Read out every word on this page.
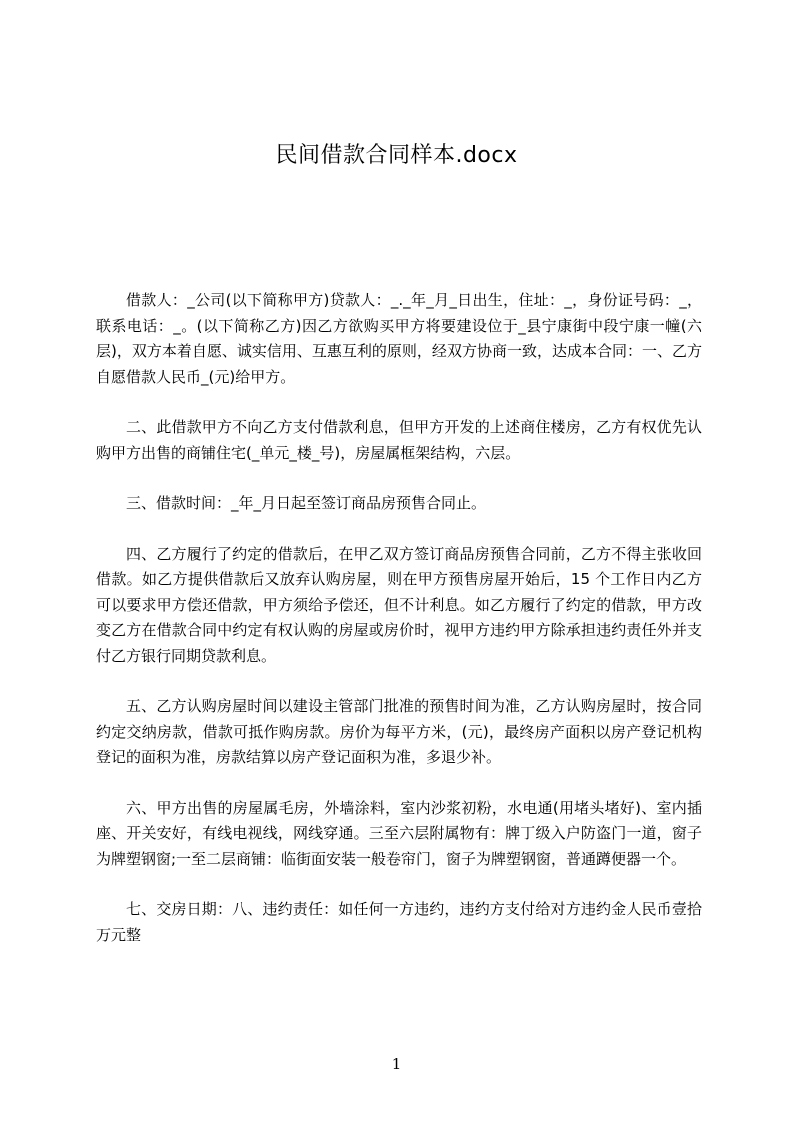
民间借款合同样本.docx

借款人：_公司(以下简称甲方)贷款人：_._年_月_日出生，住址：_，身份证号码：_，联系电话：_。(以下简称乙方)因乙方欲购买甲方将要建设位于_县宁康街中段宁康一幢(六层)，双方本着自愿、诚实信用、互惠互利的原则，经双方协商一致，达成本合同：一、乙方自愿借款人民币_(元)给甲方。

二、此借款甲方不向乙方支付借款利息，但甲方开发的上述商住楼房，乙方有权优先认购甲方出售的商铺住宅(_单元_楼_号)，房屋属框架结构，六层。

三、借款时间：_年_月日起至签订商品房预售合同止。

四、乙方履行了约定的借款后，在甲乙双方签订商品房预售合同前，乙方不得主张收回借款。如乙方提供借款后又放弃认购房屋，则在甲方预售房屋开始后，15 个工作日内乙方可以要求甲方偿还借款，甲方须给予偿还，但不计利息。如乙方履行了约定的借款，甲方改变乙方在借款合同中约定有权认购的房屋或房价时，视甲方违约甲方除承担违约责任外并支付乙方银行同期贷款利息。

五、乙方认购房屋时间以建设主管部门批准的预售时间为准，乙方认购房屋时，按合同约定交纳房款，借款可抵作购房款。房价为每平方米，(元)，最终房产面积以房产登记机构登记的面积为准，房款结算以房产登记面积为准，多退少补。

六、甲方出售的房屋属毛房，外墙涂料，室内沙浆初粉，水电通(用堵头堵好)、室内插座、开关安好，有线电视线，网线穿通。三至六层附属物有：牌丁级入户防盗门一道，窗子为牌塑钢窗;一至二层商铺：临街面安装一般卷帘门，窗子为牌塑钢窗，普通蹲便器一个。

七、交房日期：八、违约责任：如任何一方违约，违约方支付给对方违约金人民币壹拾万元整

1
